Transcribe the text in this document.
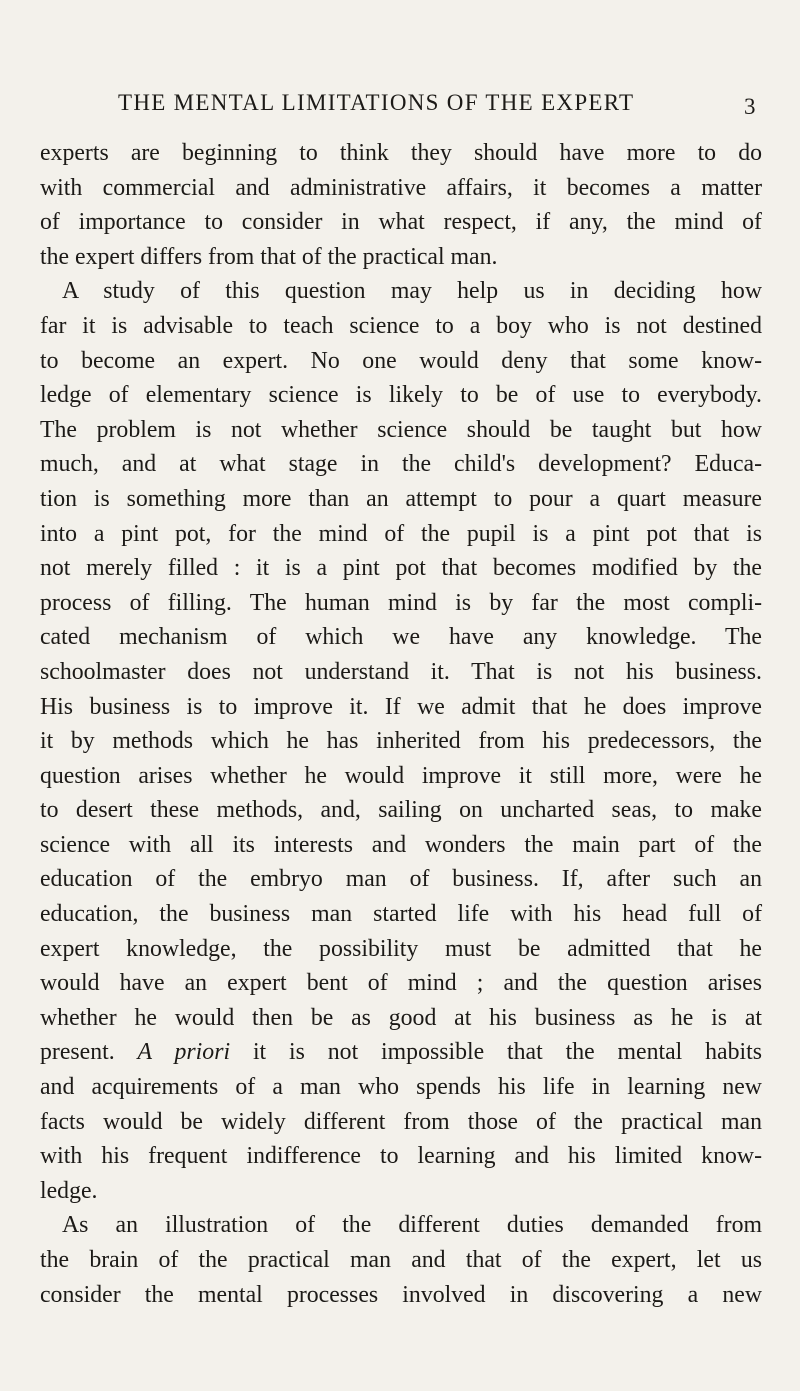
THE MENTAL LIMITATIONS OF THE EXPERT	3

experts are beginning to think they should have more to do
with commercial and administrative affairs, it becomes a matter
of importance to consider in what respect, if any, the mind of
the expert differs from that of the practical man.

A study of this question may help us in deciding how
far it is advisable to teach science to a boy who is not destined
to become an expert. No one would deny that some know-
ledge of elementary science is likely to be of use to everybody.
The problem is not whether science should be taught but how
much, and at what stage in the child's development? Educa-
tion is something more than an attempt to pour a quart measure
into a pint pot, for the mind of the pupil is a pint pot that is
not merely filled : it is a pint pot that becomes modified by the
process of filling. The human mind is by far the most compli-
cated mechanism of which we have any knowledge. The
schoolmaster does not understand it. That is not his business.
His business is to improve it. If we admit that he does improve
it by methods which he has inherited from his predecessors, the
question arises whether he would improve it still more, were he
to desert these methods, and, sailing on uncharted seas, to make
science with all its interests and wonders the main part of the
education of the embryo man of business. If, after such an
education, the business man started life with his head full of
expert knowledge, the possibility must be admitted that he
would have an expert bent of mind ; and the question arises
whether he would then be as good at his business as he is at
present. A priori it is not impossible that the mental habits
and acquirements of a man who spends his life in learning new
facts would be widely different from those of the practical man
with his frequent indifference to learning and his limited know-
ledge.

As an illustration of the different duties demanded from
the brain of the practical man and that of the expert, let us
consider the mental processes involved in discovering a new
